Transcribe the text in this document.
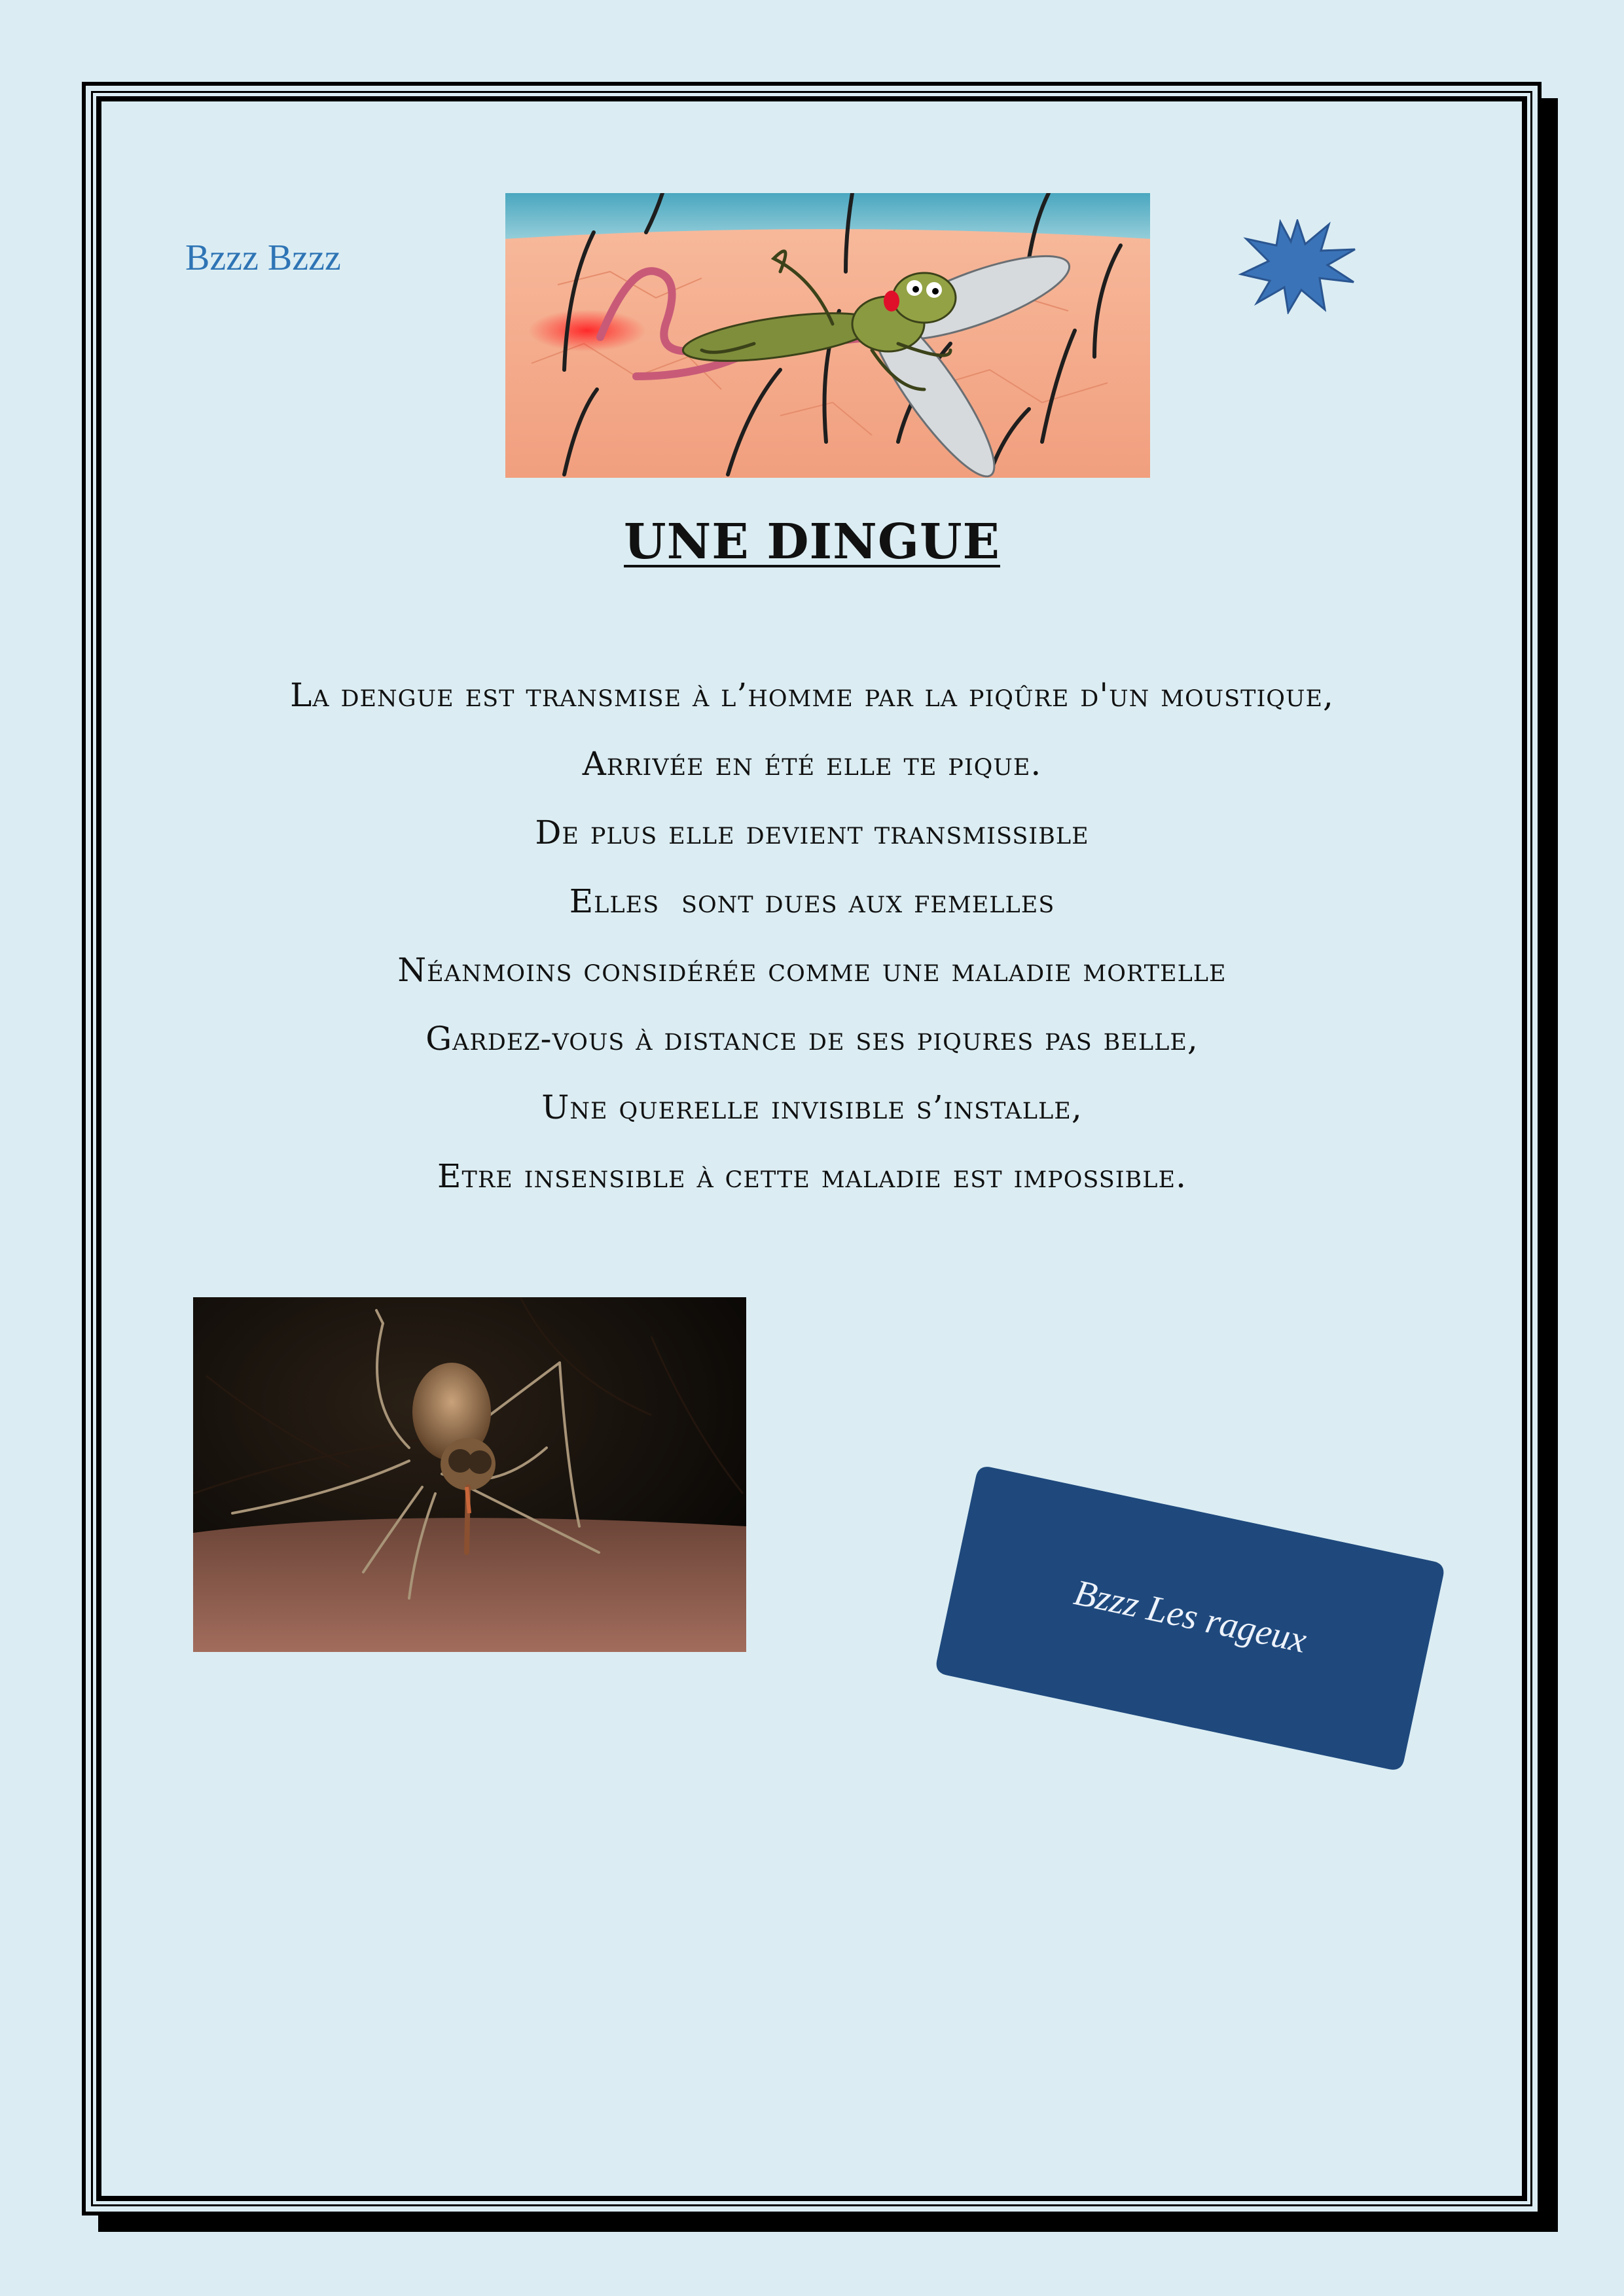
Bzzz Bzzz
UNE DINGUE
La dengue est transmise à l’homme par la piqûre d'un moustique,
Arrivée en été elle te pique.
De plus elle devient transmissible
Elles  sont dues aux femelles
Néanmoins considérée comme une maladie mortelle
Gardez-vous à distance de ses piqures pas belle,
Une querelle invisible s’installe,
Etre insensible à cette maladie est impossible.
Bzzz Les rageux
